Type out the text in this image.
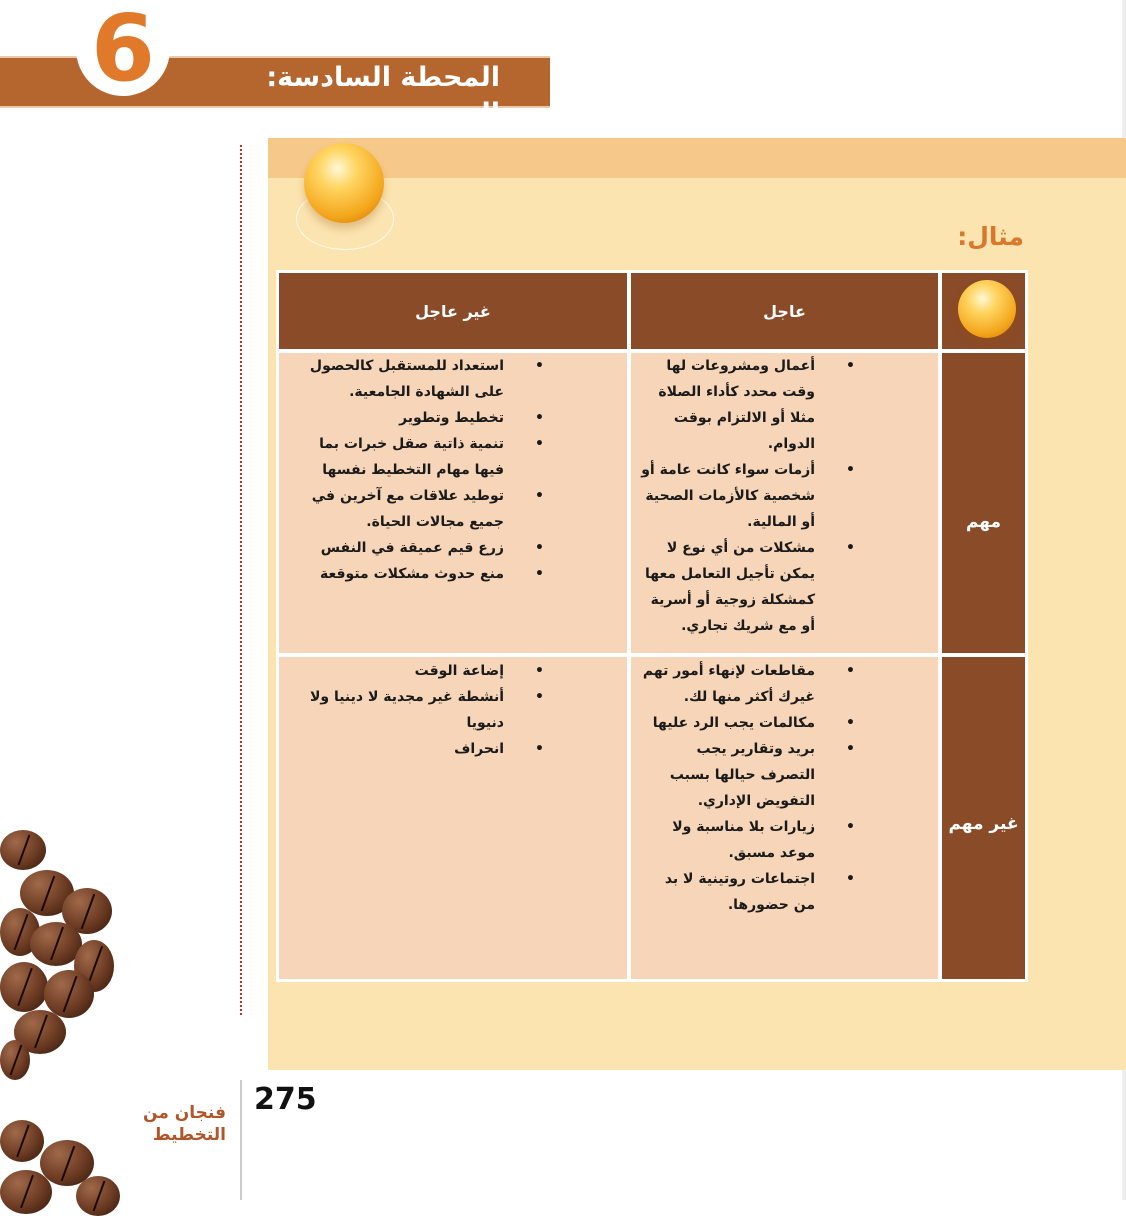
المحطة السادسة: السعي
6
مثال:
عاجل
غير عاجل
مهم
• أعمال ومشروعات لها وقت محدد كأداء الصلاة مثلا أو الالتزام بوقت الدوام.
• أزمات سواء كانت عامة أو شخصية كالأزمات الصحية أو المالية.
• مشكلات من أي نوع لا يمكن تأجيل التعامل معها كمشكلة زوجية أو أسرية أو مع شريك تجاري.
• استعداد للمستقبل كالحصول على الشهادة الجامعية.
• تخطيط وتطوير
• تنمية ذاتية صقل خبرات بما فيها مهام التخطيط نفسها
• توطيد علاقات مع آخرين في جميع مجالات الحياة.
• زرع قيم عميقة في النفس
• منع حدوث مشكلات متوقعة
غير مهم
• مقاطعات لإنهاء أمور تهم غيرك أكثر منها لك.
• مكالمات يجب الرد عليها
• بريد وتقارير يجب التصرف حيالها بسبب التفويض الإداري.
• زيارات بلا مناسبة ولا موعد مسبق.
• اجتماعات روتينية لا بد من حضورها.
• إضاعة الوقت
• أنشطة غير مجدية لا دينيا ولا دنيويا
• انحراف
275
فنجان من التخطيط
